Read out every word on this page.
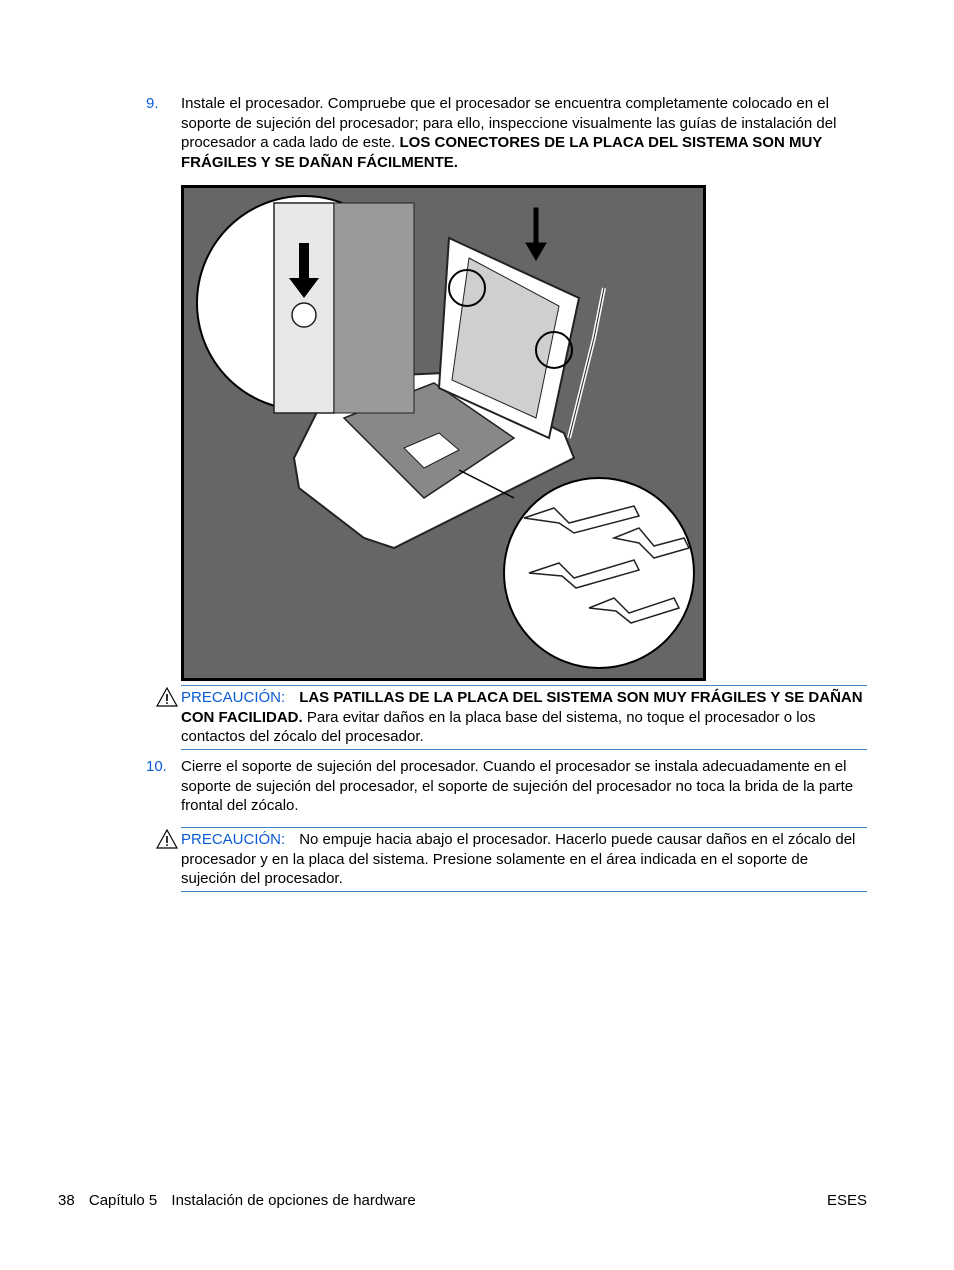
9. Instale el procesador. Compruebe que el procesador se encuentra completamente colocado en el soporte de sujeción del procesador; para ello, inspeccione visualmente las guías de instalación del procesador a cada lado de este. LOS CONECTORES DE LA PLACA DEL SISTEMA SON MUY FRÁGILES Y SE DAÑAN FÁCILMENTE.
PRECAUCIÓN: LAS PATILLAS DE LA PLACA DEL SISTEMA SON MUY FRÁGILES Y SE DAÑAN CON FACILIDAD. Para evitar daños en la placa base del sistema, no toque el procesador o los contactos del zócalo del procesador.
10. Cierre el soporte de sujeción del procesador. Cuando el procesador se instala adecuadamente en el soporte de sujeción del procesador, el soporte de sujeción del procesador no toca la brida de la parte frontal del zócalo.
PRECAUCIÓN: No empuje hacia abajo el procesador. Hacerlo puede causar daños en el zócalo del procesador y en la placa del sistema. Presione solamente en el área indicada en el soporte de sujeción del procesador.
38 Capítulo 5 Instalación de opciones de hardware	ESES
